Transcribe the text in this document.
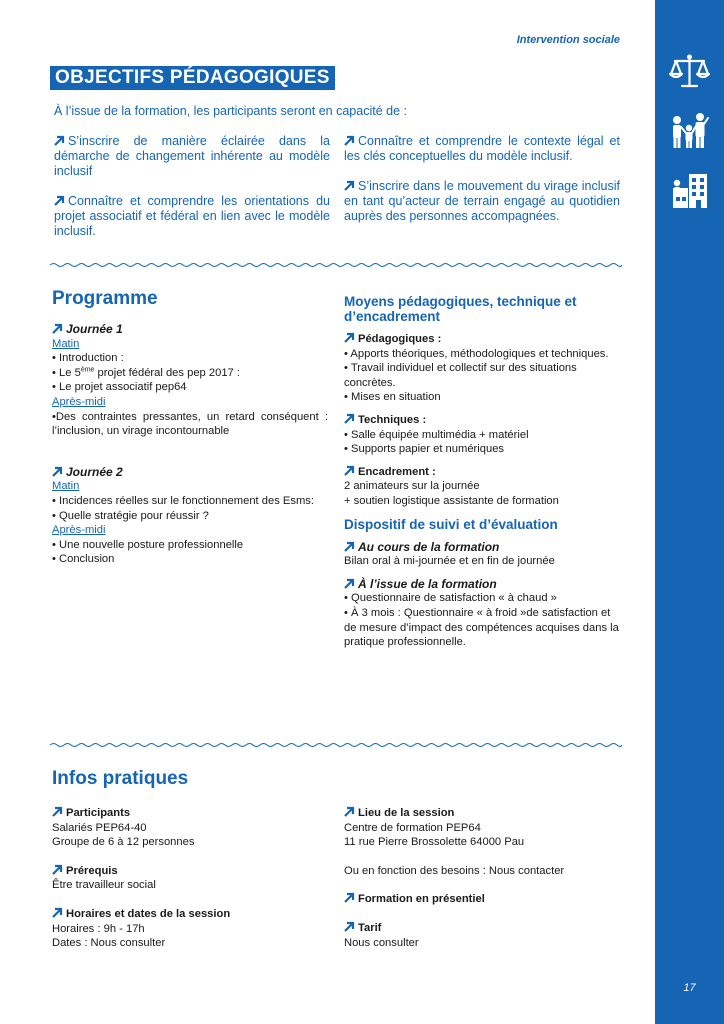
17
Intervention sociale
OBJECTIFS PÉDAGOGIQUES
À l’issue de la formation, les participants seront en capacité de :
S’inscrire de manière éclairée dans la démarche de changement inhérente au modèle inclusif
Connaître et comprendre les orientations du projet associatif et fédéral en lien avec le modèle inclusif.
Connaître et comprendre le contexte légal et les clés conceptuelles du modèle inclusif.
S’inscrire dans le mouvement du virage inclusif en tant qu’acteur de terrain engagé au quotidien auprès des personnes accompagnées.
Programme
Journée 1
Matin
• Introduction :
• Le 5ème projet fédéral des pep 2017 :
• Le projet associatif pep64
Après-midi
•Des contraintes pressantes, un retard conséquent : l’inclusion, un virage incontournable
Journée 2
Matin
• Incidences réelles sur le fonctionnement des Esms:
• Quelle stratégie pour réussir ?
Après-midi
• Une nouvelle posture professionnelle
• Conclusion
Moyens pédagogiques, technique et d’encadrement
Pédagogiques :
• Apports théoriques, méthodologiques et techniques.
• Travail individuel et collectif sur des situations concrètes.
• Mises en situation
Techniques :
• Salle équipée multimédia + matériel
• Supports papier et numériques
Encadrement :
2 animateurs sur la journée
+ soutien logistique assistante de formation
Dispositif de suivi et d’évaluation
Au cours de la formation
Bilan oral à mi-journée et en fin de journée
À l’issue de la formation
• Questionnaire de satisfaction « à chaud »
• À 3 mois : Questionnaire « à froid »de satisfaction et de mesure d’impact des compétences acquises dans la pratique professionnelle.
Infos pratiques
Participants
Salariés PEP64-40
Groupe de 6 à 12 personnes
Prérequis
Être travailleur social
Horaires et dates de la session
Horaires : 9h - 17h
Dates : Nous consulter
Lieu de la session
Centre de formation PEP64
11 rue Pierre Brossolette 64000 Pau
Ou en fonction des besoins : Nous contacter
Formation en présentiel
Tarif
Nous consulter
